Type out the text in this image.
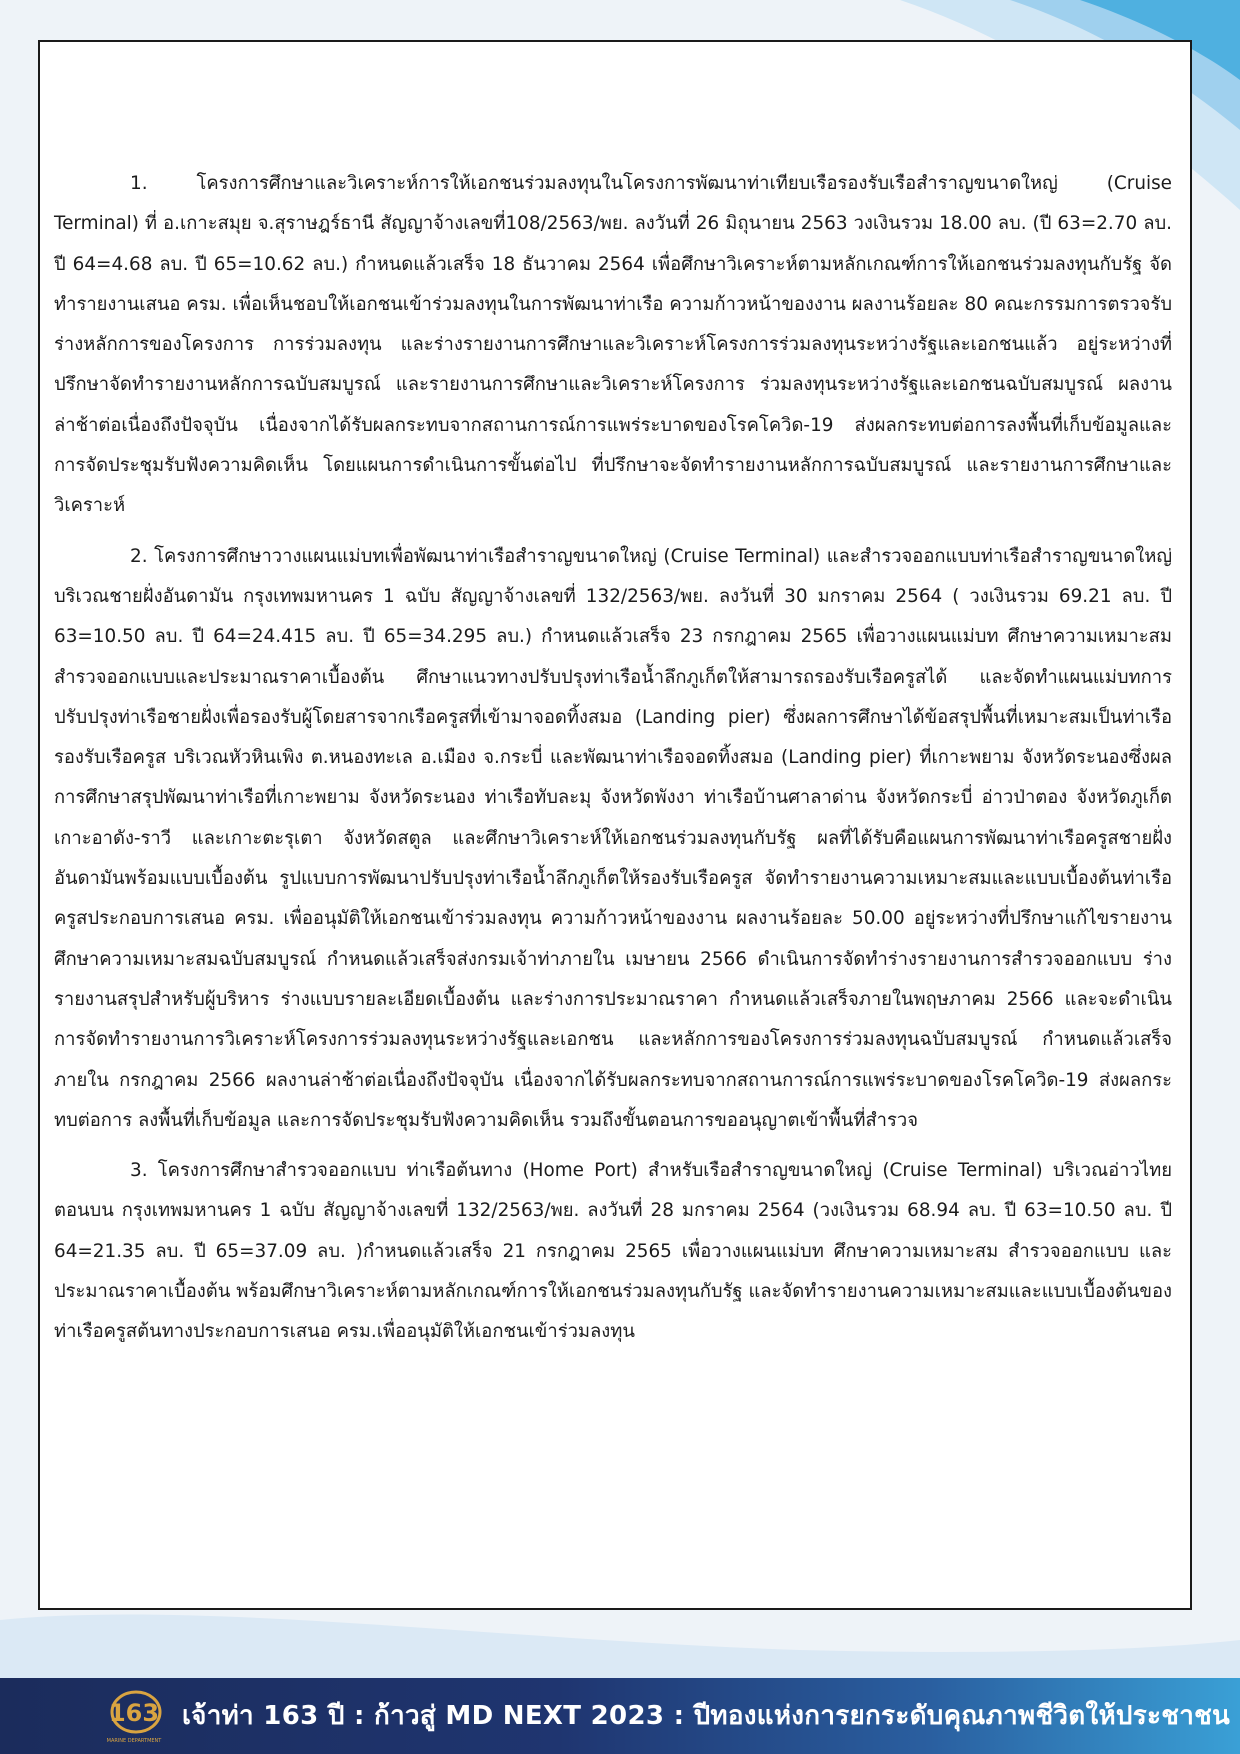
1. โครงการศึกษาและวิเคราะห์การให้เอกชนร่วมลงทุนในโครงการพัฒนาท่าเทียบเรือรองรับเรือสำราญขนาดใหญ่ (Cruise Terminal) ที่ อ.เกาะสมุย จ.สุราษฎร์ธานี สัญญาจ้างเลขที่108/2563/พย. ลงวันที่ 26 มิถุนายน 2563 วงเงินรวม 18.00 ลบ. (ปี 63=2.70 ลบ. ปี 64=4.68 ลบ. ปี 65=10.62 ลบ.) กำหนดแล้วเสร็จ 18 ธันวาคม 2564 เพื่อศึกษาวิเคราะห์ตามหลักเกณฑ์การให้เอกชนร่วมลงทุนกับรัฐ จัดทำรายงานเสนอ ครม. เพื่อเห็นชอบให้เอกชนเข้าร่วมลงทุนในการพัฒนาท่าเรือ ความก้าวหน้าของงาน ผลงานร้อยละ 80 คณะกรรมการตรวจรับร่างหลักการของโครงการ การร่วมลงทุน และร่างรายงานการศึกษาและวิเคราะห์โครงการร่วมลงทุนระหว่างรัฐและเอกชนแล้ว อยู่ระหว่างที่ปรึกษาจัดทำรายงานหลักการฉบับสมบูรณ์ และรายงานการศึกษาและวิเคราะห์โครงการ ร่วมลงทุนระหว่างรัฐและเอกชนฉบับสมบูรณ์ ผลงานล่าช้าต่อเนื่องถึงปัจจุบัน เนื่องจากได้รับผลกระทบจากสถานการณ์การแพร่ระบาดของโรคโควิด-19 ส่งผลกระทบต่อการลงพื้นที่เก็บข้อมูลและการจัดประชุมรับฟังความคิดเห็น โดยแผนการดำเนินการขั้นต่อไป ที่ปรึกษาจะจัดทำรายงานหลักการฉบับสมบูรณ์ และรายงานการศึกษาและวิเคราะห์

2. โครงการศึกษาวางแผนแม่บทเพื่อพัฒนาท่าเรือสำราญขนาดใหญ่ (Cruise Terminal) และสำรวจออกแบบท่าเรือสำราญขนาดใหญ่บริเวณชายฝั่งอันดามัน กรุงเทพมหานคร 1 ฉบับ สัญญาจ้างเลขที่ 132/2563/พย. ลงวันที่ 30 มกราคม 2564 ( วงเงินรวม 69.21 ลบ. ปี 63=10.50 ลบ. ปี 64=24.415 ลบ. ปี 65=34.295 ลบ.) กำหนดแล้วเสร็จ 23 กรกฎาคม 2565 เพื่อวางแผนแม่บท ศึกษาความเหมาะสม สำรวจออกแบบและประมาณราคาเบื้องต้น ศึกษาแนวทางปรับปรุงท่าเรือน้ำลึกภูเก็ตให้สามารถรองรับเรือครูสได้ และจัดทำแผนแม่บทการปรับปรุงท่าเรือชายฝั่งเพื่อรองรับผู้โดยสารจากเรือครูสที่เข้ามาจอดทิ้งสมอ (Landing pier) ซึ่งผลการศึกษาได้ข้อสรุปพื้นที่เหมาะสมเป็นท่าเรือรองรับเรือครูส บริเวณหัวหินเพิง ต.หนองทะเล อ.เมือง จ.กระบี่ และพัฒนาท่าเรือจอดทิ้งสมอ (Landing pier) ที่เกาะพยาม จังหวัดระนองซึ่งผลการศึกษาสรุปพัฒนาท่าเรือที่เกาะพยาม จังหวัดระนอง ท่าเรือทับละมุ จังหวัดพังงา ท่าเรือบ้านศาลาด่าน จังหวัดกระบี่ อ่าวป่าตอง จังหวัดภูเก็ต เกาะอาดัง-ราวี และเกาะตะรุเตา จังหวัดสตูล และศึกษาวิเคราะห์ให้เอกชนร่วมลงทุนกับรัฐ ผลที่ได้รับคือแผนการพัฒนาท่าเรือครูสชายฝั่งอันดามันพร้อมแบบเบื้องต้น รูปแบบการพัฒนาปรับปรุงท่าเรือน้ำลึกภูเก็ตให้รองรับเรือครูส จัดทำรายงานความเหมาะสมและแบบเบื้องต้นท่าเรือครูสประกอบการเสนอ ครม. เพื่ออนุมัติให้เอกชนเข้าร่วมลงทุน ความก้าวหน้าของงาน ผลงานร้อยละ 50.00 อยู่ระหว่างที่ปรึกษาแก้ไขรายงานศึกษาความเหมาะสมฉบับสมบูรณ์ กำหนดแล้วเสร็จส่งกรมเจ้าท่าภายใน เมษายน 2566 ดำเนินการจัดทำร่างรายงานการสำรวจออกแบบ ร่างรายงานสรุปสำหรับผู้บริหาร ร่างแบบรายละเอียดเบื้องต้น และร่างการประมาณราคา กำหนดแล้วเสร็จภายในพฤษภาคม 2566 และจะดำเนินการจัดทำรายงานการวิเคราะห์โครงการร่วมลงทุนระหว่างรัฐและเอกชน และหลักการของโครงการร่วมลงทุนฉบับสมบูรณ์ กำหนดแล้วเสร็จภายใน กรกฎาคม 2566 ผลงานล่าช้าต่อเนื่องถึงปัจจุบัน เนื่องจากได้รับผลกระทบจากสถานการณ์การแพร่ระบาดของโรคโควิด-19 ส่งผลกระทบต่อการ ลงพื้นที่เก็บข้อมูล และการจัดประชุมรับฟังความคิดเห็น รวมถึงขั้นตอนการขออนุญาตเข้าพื้นที่สำรวจ

3. โครงการศึกษาสำรวจออกแบบ ท่าเรือต้นทาง (Home Port) สำหรับเรือสำราญขนาดใหญ่ (Cruise Terminal) บริเวณอ่าวไทยตอนบน กรุงเทพมหานคร 1 ฉบับ สัญญาจ้างเลขที่ 132/2563/พย. ลงวันที่ 28 มกราคม 2564 (วงเงินรวม 68.94 ลบ. ปี 63=10.50 ลบ. ปี 64=21.35 ลบ. ปี 65=37.09 ลบ. )กำหนดแล้วเสร็จ 21 กรกฎาคม 2565 เพื่อวางแผนแม่บท ศึกษาความเหมาะสม สำรวจออกแบบ และประมาณราคาเบื้องต้น พร้อมศึกษาวิเคราะห์ตามหลักเกณฑ์การให้เอกชนร่วมลงทุนกับรัฐ และจัดทำรายงานความเหมาะสมและแบบเบื้องต้นของท่าเรือครูสต้นทางประกอบการเสนอ ครม.เพื่ออนุมัติให้เอกชนเข้าร่วมลงทุน

163
MARINE DEPARTMENT
เจ้าท่า 163 ปี : ก้าวสู่ MD NEXT 2023 : ปีทองแห่งการยกระดับคุณภาพชีวิตให้ประชาชน
